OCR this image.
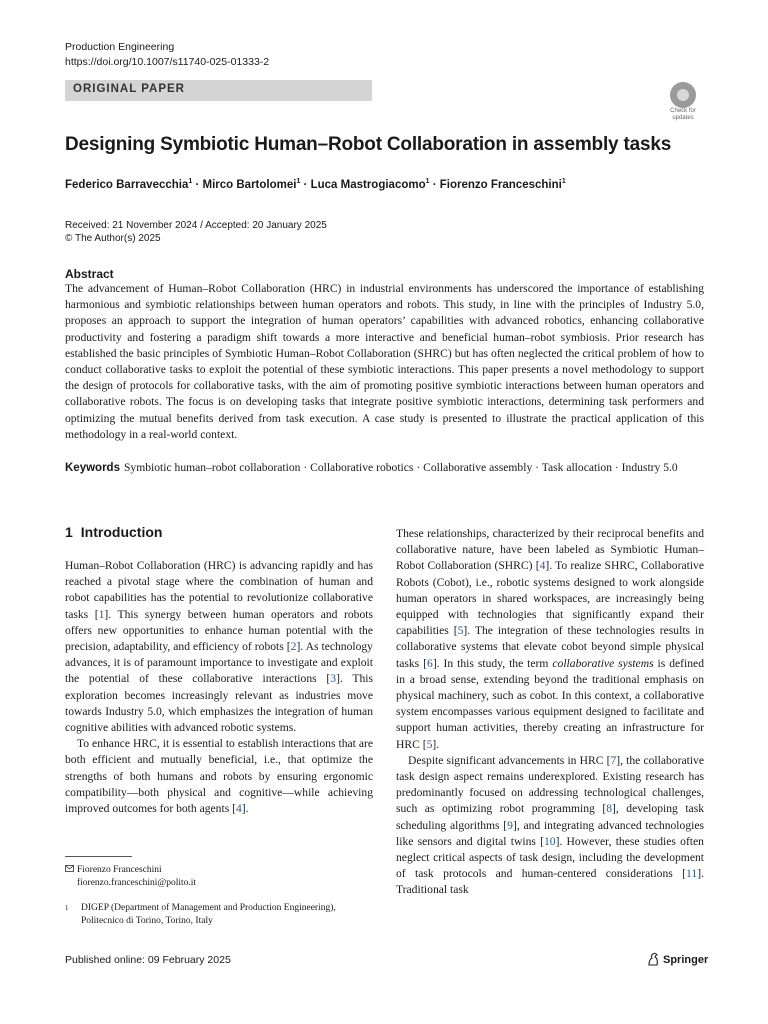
Production Engineering
https://doi.org/10.1007/s11740-025-01333-2
ORIGINAL PAPER
Check for
updates
Designing Symbiotic Human–Robot Collaboration in assembly tasks
Federico Barravecchia$^1$ · Mirco Bartolomei$^1$ · Luca Mastrogiacomo$^1$ · Fiorenzo Franceschini$^1$
Received: 21 November 2024 / Accepted: 20 January 2025
© The Author(s) 2025
Abstract
The advancement of Human–Robot Collaboration (HRC) in industrial environments has underscored the importance of establishing harmonious and symbiotic relationships between human operators and robots. This study, in line with the principles of Industry 5.0, proposes an approach to support the integration of human operators’ capabilities with advanced robotics, enhancing collaborative productivity and fostering a paradigm shift towards a more interactive and beneficial human–robot symbiosis. Prior research has established the basic principles of Symbiotic Human–Robot Collaboration (SHRC) but has often neglected the critical problem of how to conduct collaborative tasks to exploit the potential of these symbiotic interactions. This paper presents a novel methodology to support the design of protocols for collaborative tasks, with the aim of promoting positive symbiotic interactions between human operators and collaborative robots. The focus is on developing tasks that integrate positive symbiotic interactions, determining task performers and optimizing the mutual benefits derived from task execution. A case study is presented to illustrate the practical application of this methodology in a real-world context.
Keywords Symbiotic human–robot collaboration · Collaborative robotics · Collaborative assembly · Task allocation · Industry 5.0
1 Introduction

Human–Robot Collaboration (HRC) is advancing rapidly and has reached a pivotal stage where the combination of human and robot capabilities has the potential to revolutionize collaborative tasks [1]. This synergy between human operators and robots offers new opportunities to enhance human potential with the precision, adaptability, and efficiency of robots [2]. As technology advances, it is of paramount importance to investigate and exploit the potential of these collaborative interactions [3]. This exploration becomes increasingly relevant as industries move towards Industry 5.0, which emphasizes the integration of human cognitive abilities with advanced robotic systems.

To enhance HRC, it is essential to establish interactions that are both efficient and mutually beneficial, i.e., that optimize the strengths of both humans and robots by ensuring ergonomic compatibility—both physical and cognitive—while achieving improved outcomes for both agents [4].

These relationships, characterized by their reciprocal benefits and collaborative nature, have been labeled as Symbiotic Human–Robot Collaboration (SHRC) [4]. To realize SHRC, Collaborative Robots (Cobot), i.e., robotic systems designed to work alongside human operators in shared workspaces, are increasingly being equipped with technologies that significantly expand their capabilities [5]. The integration of these technologies results in collaborative systems that elevate cobot beyond simple physical tasks [6]. In this study, the term collaborative systems is defined in a broad sense, extending beyond the traditional emphasis on physical machinery, such as cobot. In this context, a collaborative system encompasses various equipment designed to facilitate and support human activities, thereby creating an infrastructure for HRC [5].

Despite significant advancements in HRC [7], the collaborative task design aspect remains underexplored. Existing research has predominantly focused on addressing technological challenges, such as optimizing robot programming [8], developing task scheduling algorithms [9], and integrating advanced technologies like sensors and digital twins [10]. However, these studies often neglect critical aspects of task design, including the development of task protocols and human-centered considerations [11]. Traditional task

Fiorenzo Franceschini
fiorenzo.franceschini@polito.it
1	DIGEP (Department of Management and Production Engineering), Politecnico di Torino, Torino, Italy
Published online: 09 February 2025	Springer
